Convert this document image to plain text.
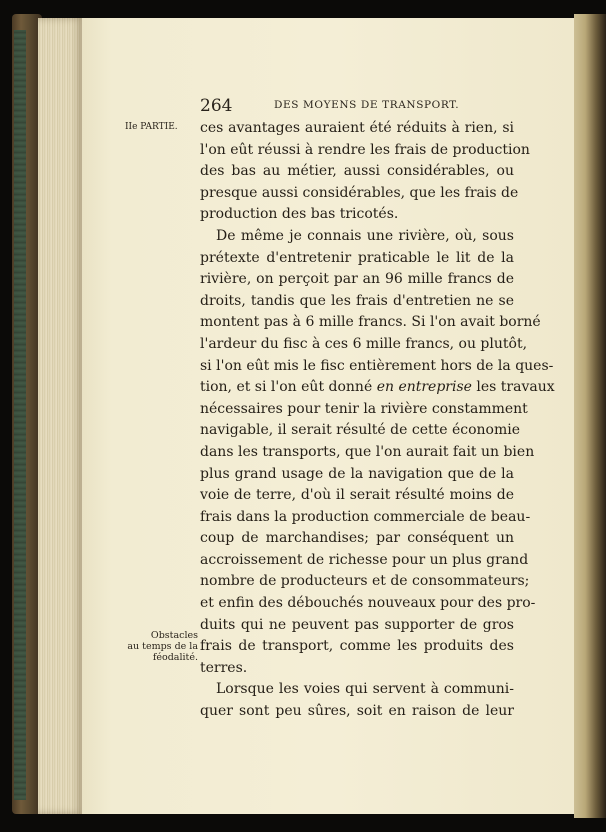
264	DES MOYENS DE TRANSPORT.
IIe PARTIE.
Obstacles
au temps de la
féodalité.
ces avantages auraient été réduits à rien, si
l'on eût réussi à rendre les frais de production
des bas au métier, aussi considérables, ou
presque aussi considérables, que les frais de
production des bas tricotés.
De même je connais une rivière, où, sous
prétexte d'entretenir praticable le lit de la
rivière, on perçoit par an 96 mille francs de
droits, tandis que les frais d'entretien ne se
montent pas à 6 mille francs. Si l'on avait borné
l'ardeur du fisc à ces 6 mille francs, ou plutôt,
si l'on eût mis le fisc entièrement hors de la ques-
tion, et si l'on eût donné en entreprise les travaux
nécessaires pour tenir la rivière constamment
navigable, il serait résulté de cette économie
dans les transports, que l'on aurait fait un bien
plus grand usage de la navigation que de la
voie de terre, d'où il serait résulté moins de
frais dans la production commerciale de beau-
coup de marchandises; par conséquent un
accroissement de richesse pour un plus grand
nombre de producteurs et de consommateurs;
et enfin des débouchés nouveaux pour des pro-
duits qui ne peuvent pas supporter de gros
frais de transport, comme les produits des
terres.
Lorsque les voies qui servent à communi-
quer sont peu sûres, soit en raison de leur
